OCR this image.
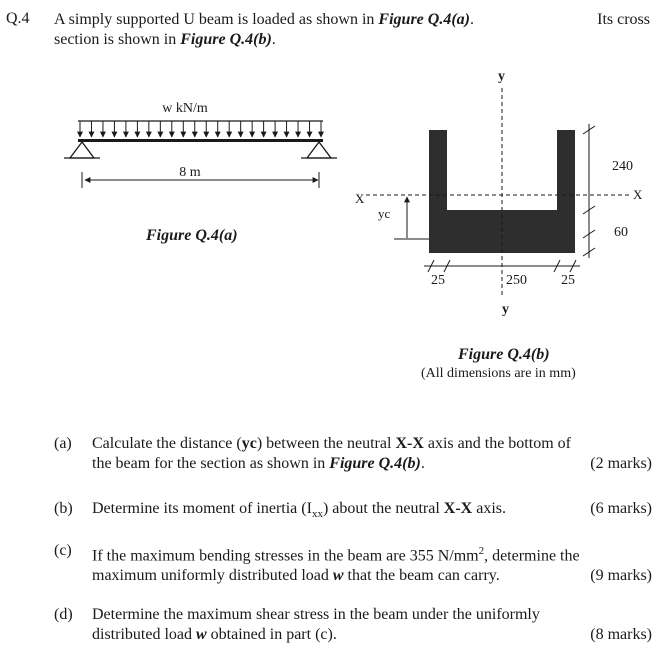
Q.4 A simply supported U beam is loaded as shown in Figure Q.4(a).	Its cross
section is shown in Figure Q.4(b).
w kN/m
8 m
y
y
X	X
yc
240
60
25	250 25
Figure Q.4(a)
Figure Q.4(b)
(All dimensions are in mm)
(a) Calculate the distance (yc) between the neutral X-X axis and the bottom of
the beam for the section as shown in Figure Q.4(b).	(2 marks)
(b) Determine its moment of inertia $(I_{xx})$ about the neutral X-X axis.	(6 marks)
(c) If the maximum bending stresses in the beam are 355 $N/mm^2$, determine the
maximum uniformly distributed load w that the beam can carry.	(9 marks)
(d) Determine the maximum shear stress in the beam under the uniformly
distributed load w obtained in part (c).	(8 marks)
